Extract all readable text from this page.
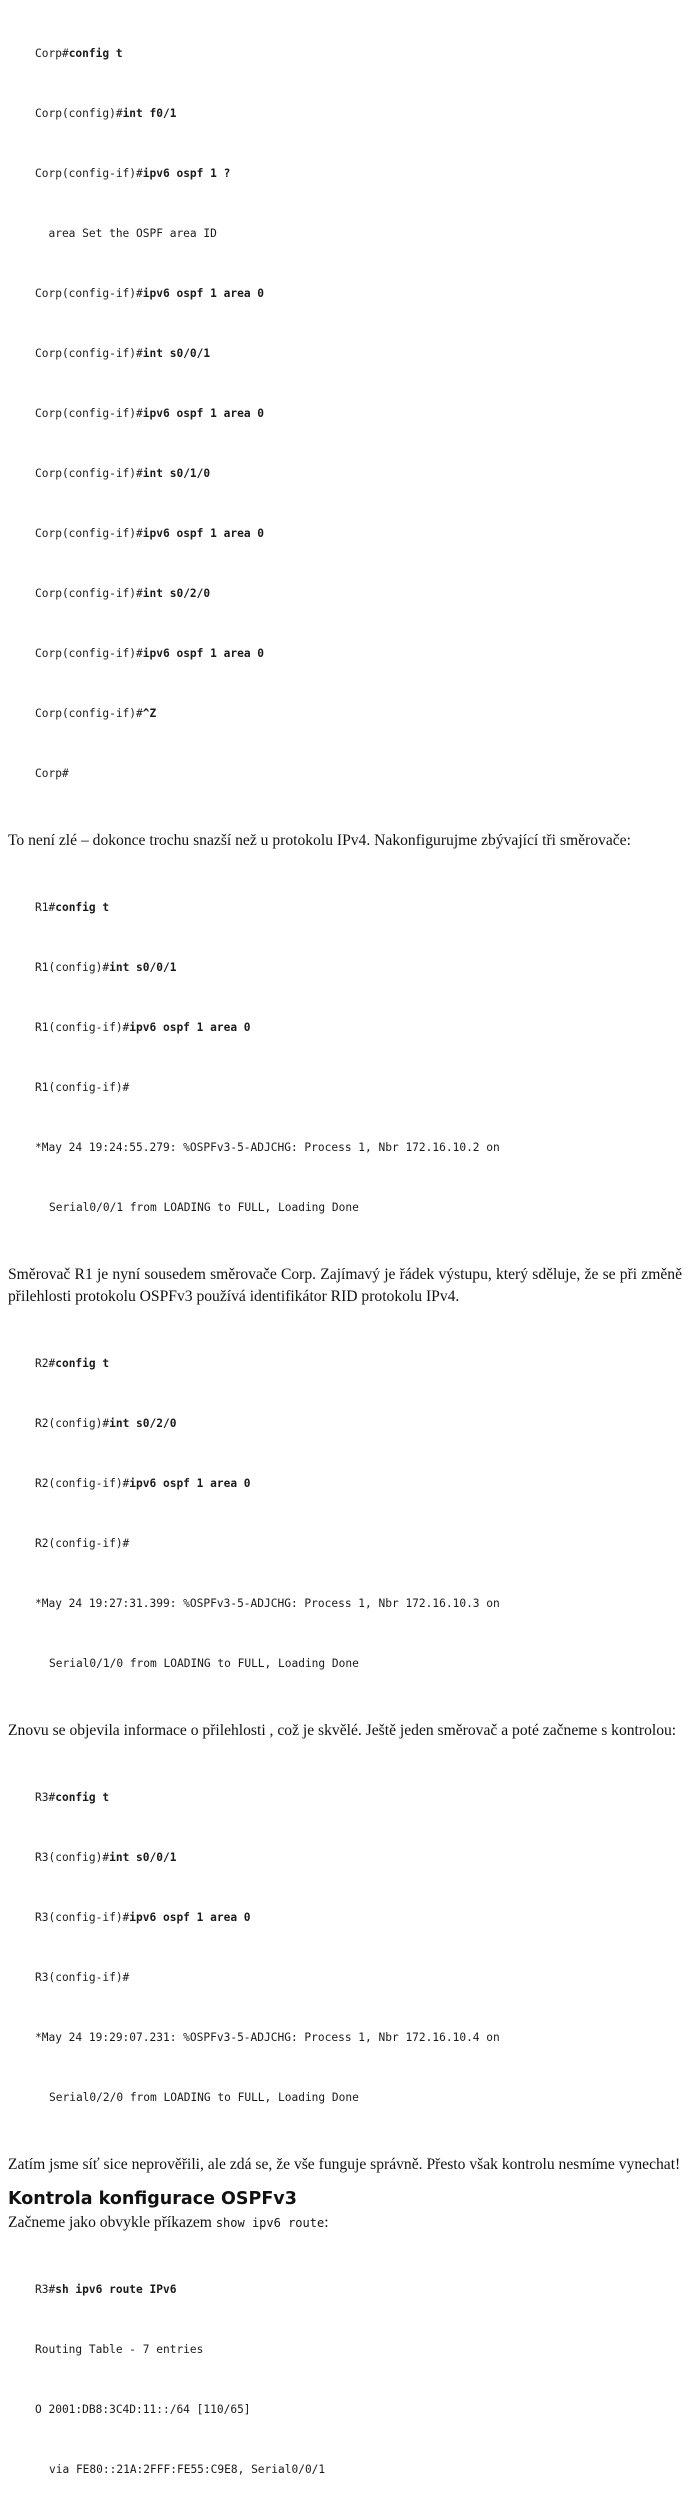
Corp#config t

Corp(config)#int f0/1

Corp(config-if)#ipv6 ospf 1 ?

area Set the OSPF area ID

Corp(config-if)#ipv6 ospf 1 area 0

Corp(config-if)#int s0/0/1

Corp(config-if)#ipv6 ospf 1 area 0

Corp(config-if)#int s0/1/0

Corp(config-if)#ipv6 ospf 1 area 0

Corp(config-if)#int s0/2/0

Corp(config-if)#ipv6 ospf 1 area 0

Corp(config-if)#^Z

Corp#

To není zlé – dokonce trochu snazší než u protokolu IPv4. Nakonfigurujme zbývající tři směrovače:

R1#config t

R1(config)#int s0/0/1

R1(config-if)#ipv6 ospf 1 area 0

R1(config-if)#

*May 24 19:24:55.279: %OSPFv3-5-ADJCHG: Process 1, Nbr 172.16.10.2 on

Serial0/0/1 from LOADING to FULL, Loading Done

Směrovač R1 je nyní sousedem směrovače Corp. Zajímavý je řádek výstupu, který sděluje, že se při změně přilehlosti protokolu OSPFv3 používá identifikátor RID protokolu IPv4.

R2#config t

R2(config)#int s0/2/0

R2(config-if)#ipv6 ospf 1 area 0

R2(config-if)#

*May 24 19:27:31.399: %OSPFv3-5-ADJCHG: Process 1, Nbr 172.16.10.3 on

Serial0/1/0 from LOADING to FULL, Loading Done

Znovu se objevila informace o přilehlosti , což je skvělé. Ještě jeden směrovač a poté začneme s kontrolou:

R3#config t

R3(config)#int s0/0/1

R3(config-if)#ipv6 ospf 1 area 0

R3(config-if)#

*May 24 19:29:07.231: %OSPFv3-5-ADJCHG: Process 1, Nbr 172.16.10.4 on

Serial0/2/0 from LOADING to FULL, Loading Done

Zatím jsme síť sice neprověřili, ale zdá se, že vše funguje správně. Přesto však kontrolu nesmíme vynechat!

Kontrola konfigurace OSPFv3

Začneme jako obvykle příkazem show ipv6 route:

R3#sh ipv6 route IPv6

Routing Table - 7 entries

O 2001:DB8:3C4D:11::/64 [110/65]

via FE80::21A:2FFF:FE55:C9E8, Serial0/0/1
